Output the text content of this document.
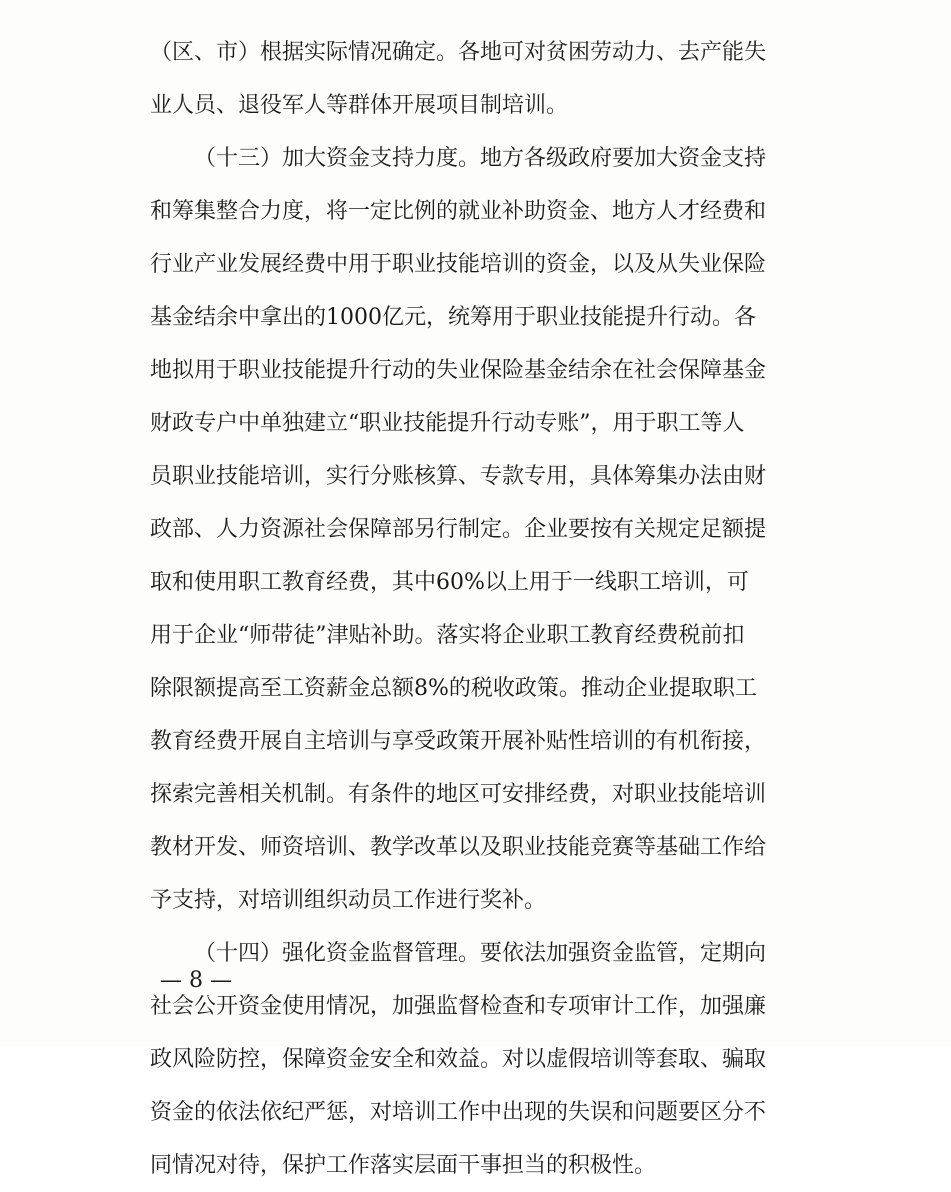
（区、市）根据实际情况确定。各地可对贫困劳动力、去产能失
业人员、退役军人等群体开展项目制培训。
（十三）加大资金支持力度。地方各级政府要加大资金支持
和筹集整合力度，将一定比例的就业补助资金、地方人才经费和
行业产业发展经费中用于职业技能培训的资金，以及从失业保险
基金结余中拿出的1000亿元，统筹用于职业技能提升行动。各
地拟用于职业技能提升行动的失业保险基金结余在社会保障基金
财政专户中单独建立“职业技能提升行动专账”，用于职工等人
员职业技能培训，实行分账核算、专款专用，具体筹集办法由财
政部、人力资源社会保障部另行制定。企业要按有关规定足额提
取和使用职工教育经费，其中60%以上用于一线职工培训，可
用于企业“师带徒”津贴补助。落实将企业职工教育经费税前扣
除限额提高至工资薪金总额8%的税收政策。推动企业提取职工
教育经费开展自主培训与享受政策开展补贴性培训的有机衔接，
探索完善相关机制。有条件的地区可安排经费，对职业技能培训
教材开发、师资培训、教学改革以及职业技能竞赛等基础工作给
予支持，对培训组织动员工作进行奖补。
（十四）强化资金监督管理。要依法加强资金监管，定期向
社会公开资金使用情况，加强监督检查和专项审计工作，加强廉
政风险防控，保障资金安全和效益。对以虚假培训等套取、骗取
资金的依法依纪严惩，对培训工作中出现的失误和问题要区分不
同情况对待，保护工作落实层面干事担当的积极性。
— 8 —
